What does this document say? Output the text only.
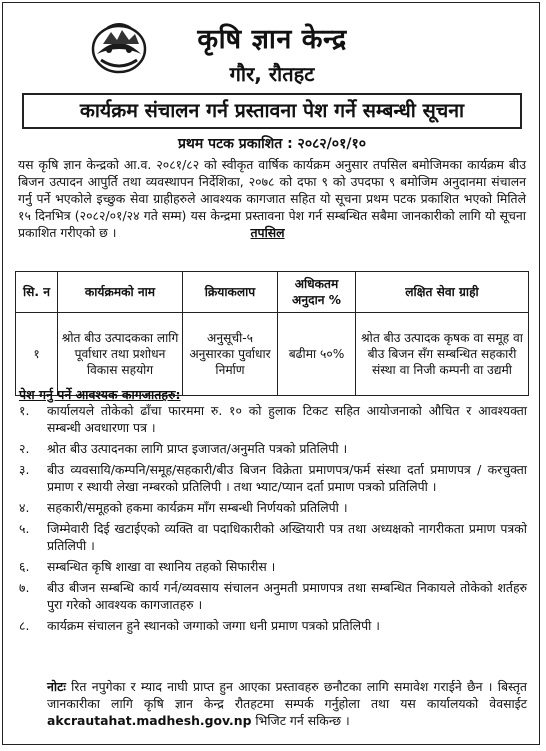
कृषि ज्ञान केन्द्र
गौर, रौतहट
कार्यक्रम संचालन गर्न प्रस्तावना पेश गर्ने सम्बन्धी सूचना
प्रथम पटक प्रकाशित : २०८२/०१/१०
यस कृषि ज्ञान केन्द्रको आ.व. २०८१/८२ को स्वीकृत वार्षिक कार्यक्रम अनुसार तपसिल बमोजिमका कार्यक्रम बीउ बिजन उत्पादन आपुर्ति तथा व्यवस्थापन निर्देशिका, २०७८ को दफा ९ को उपदफा ९ बमोजिम अनुदानमा संचालन गर्नु पर्ने भएकोले इच्छुक सेवा ग्राहीहरुले आवश्यक कागजात सहित यो सूचना प्रथम पटक प्रकाशित भएको मितिले १५ दिनभित्र (२०८२/०१/२४ गते सम्म) यस केन्द्रमा प्रस्तावना पेश गर्न सम्बन्धित सबैमा जानकारीको लागि यो सूचना प्रकाशित गरीएको छ ।	तपसिल
सि. न	कार्यक्रमको नाम	क्रियाकलाप	अधिकतम अनुदान %	लक्षित सेवा ग्राही
१	श्रोत बीउ उत्पादकका लागि पूर्वाधार तथा प्रशोधन विकास सहयोग	अनुसूची-५ अनुसारका पुर्वाधार निर्माण	बढीमा ५०%	श्रोत बीउ उत्पादक कृषक वा समूह वा बीउ बिजन सँग सम्बन्धित सहकारी संस्था वा निजी कम्पनी वा उद्यमी
पेश गर्नु पर्ने आवश्यक कागजातहरु:
१.	कार्यालयले तोकेको ढाँचा फारममा रु. १० को हुलाक टिकट सहित आयोजनाको औचित र आवश्यक्ता सम्बन्धी अवधारणा पत्र ।
२.	श्रोत बीउ उत्पादनका लागि प्राप्त इजाजत/अनुमति पत्रको प्रतिलिपी ।
३.	बीउ व्यवसायि/कम्पनि/समूह/सहकारी/बीउ बिजन विक्रेता प्रमाणपत्र/फर्म संस्था दर्ता प्रमाणपत्र / करचुक्ता प्रमाण र स्थायी लेखा नम्बरको प्रतिलिपी । तथा भ्याट/प्यान दर्ता प्रमाण पत्रको प्रतिलिपी ।
४.	सहकारी/समूहको हकमा कार्यक्रम माँग सम्बन्धी निर्णयको प्रतिलिपी ।
५.	जिम्मेवारी दिई खटाईएको व्यक्ति वा पदाधिकारीको अख्तियारी पत्र तथा अध्यक्षको नागरीकता प्रमाण पत्रको प्रतिलिपी ।
६.	सम्बन्धित कृषि शाखा वा स्थानिय तहको सिफारीस ।
७.	बीउ बीजन सम्बन्धि कार्य गर्न/व्यवसाय संचालन अनुमती प्रमाणपत्र तथा सम्बन्धित निकायले तोकेको शर्तहरु पुरा गरेको आवश्यक कागजातहरु ।
८.	कार्यक्रम संचालन हुने स्थानको जग्गाको जग्गा धनी प्रमाण पत्रको प्रतिलिपी ।
नोटः रित नपुगेका र म्याद नाघी प्राप्त हुन आएका प्रस्तावहरु छनौटका लागि समावेश गराईने छैन । बिस्तृत जानकारीका लागि कृषि ज्ञान केन्द्र रौतहटमा सम्पर्क गर्नुहोला तथा यस कार्यालयको वेवसाईट akcrautahat.madhesh.gov.np भिजिट गर्न सकिन्छ ।
